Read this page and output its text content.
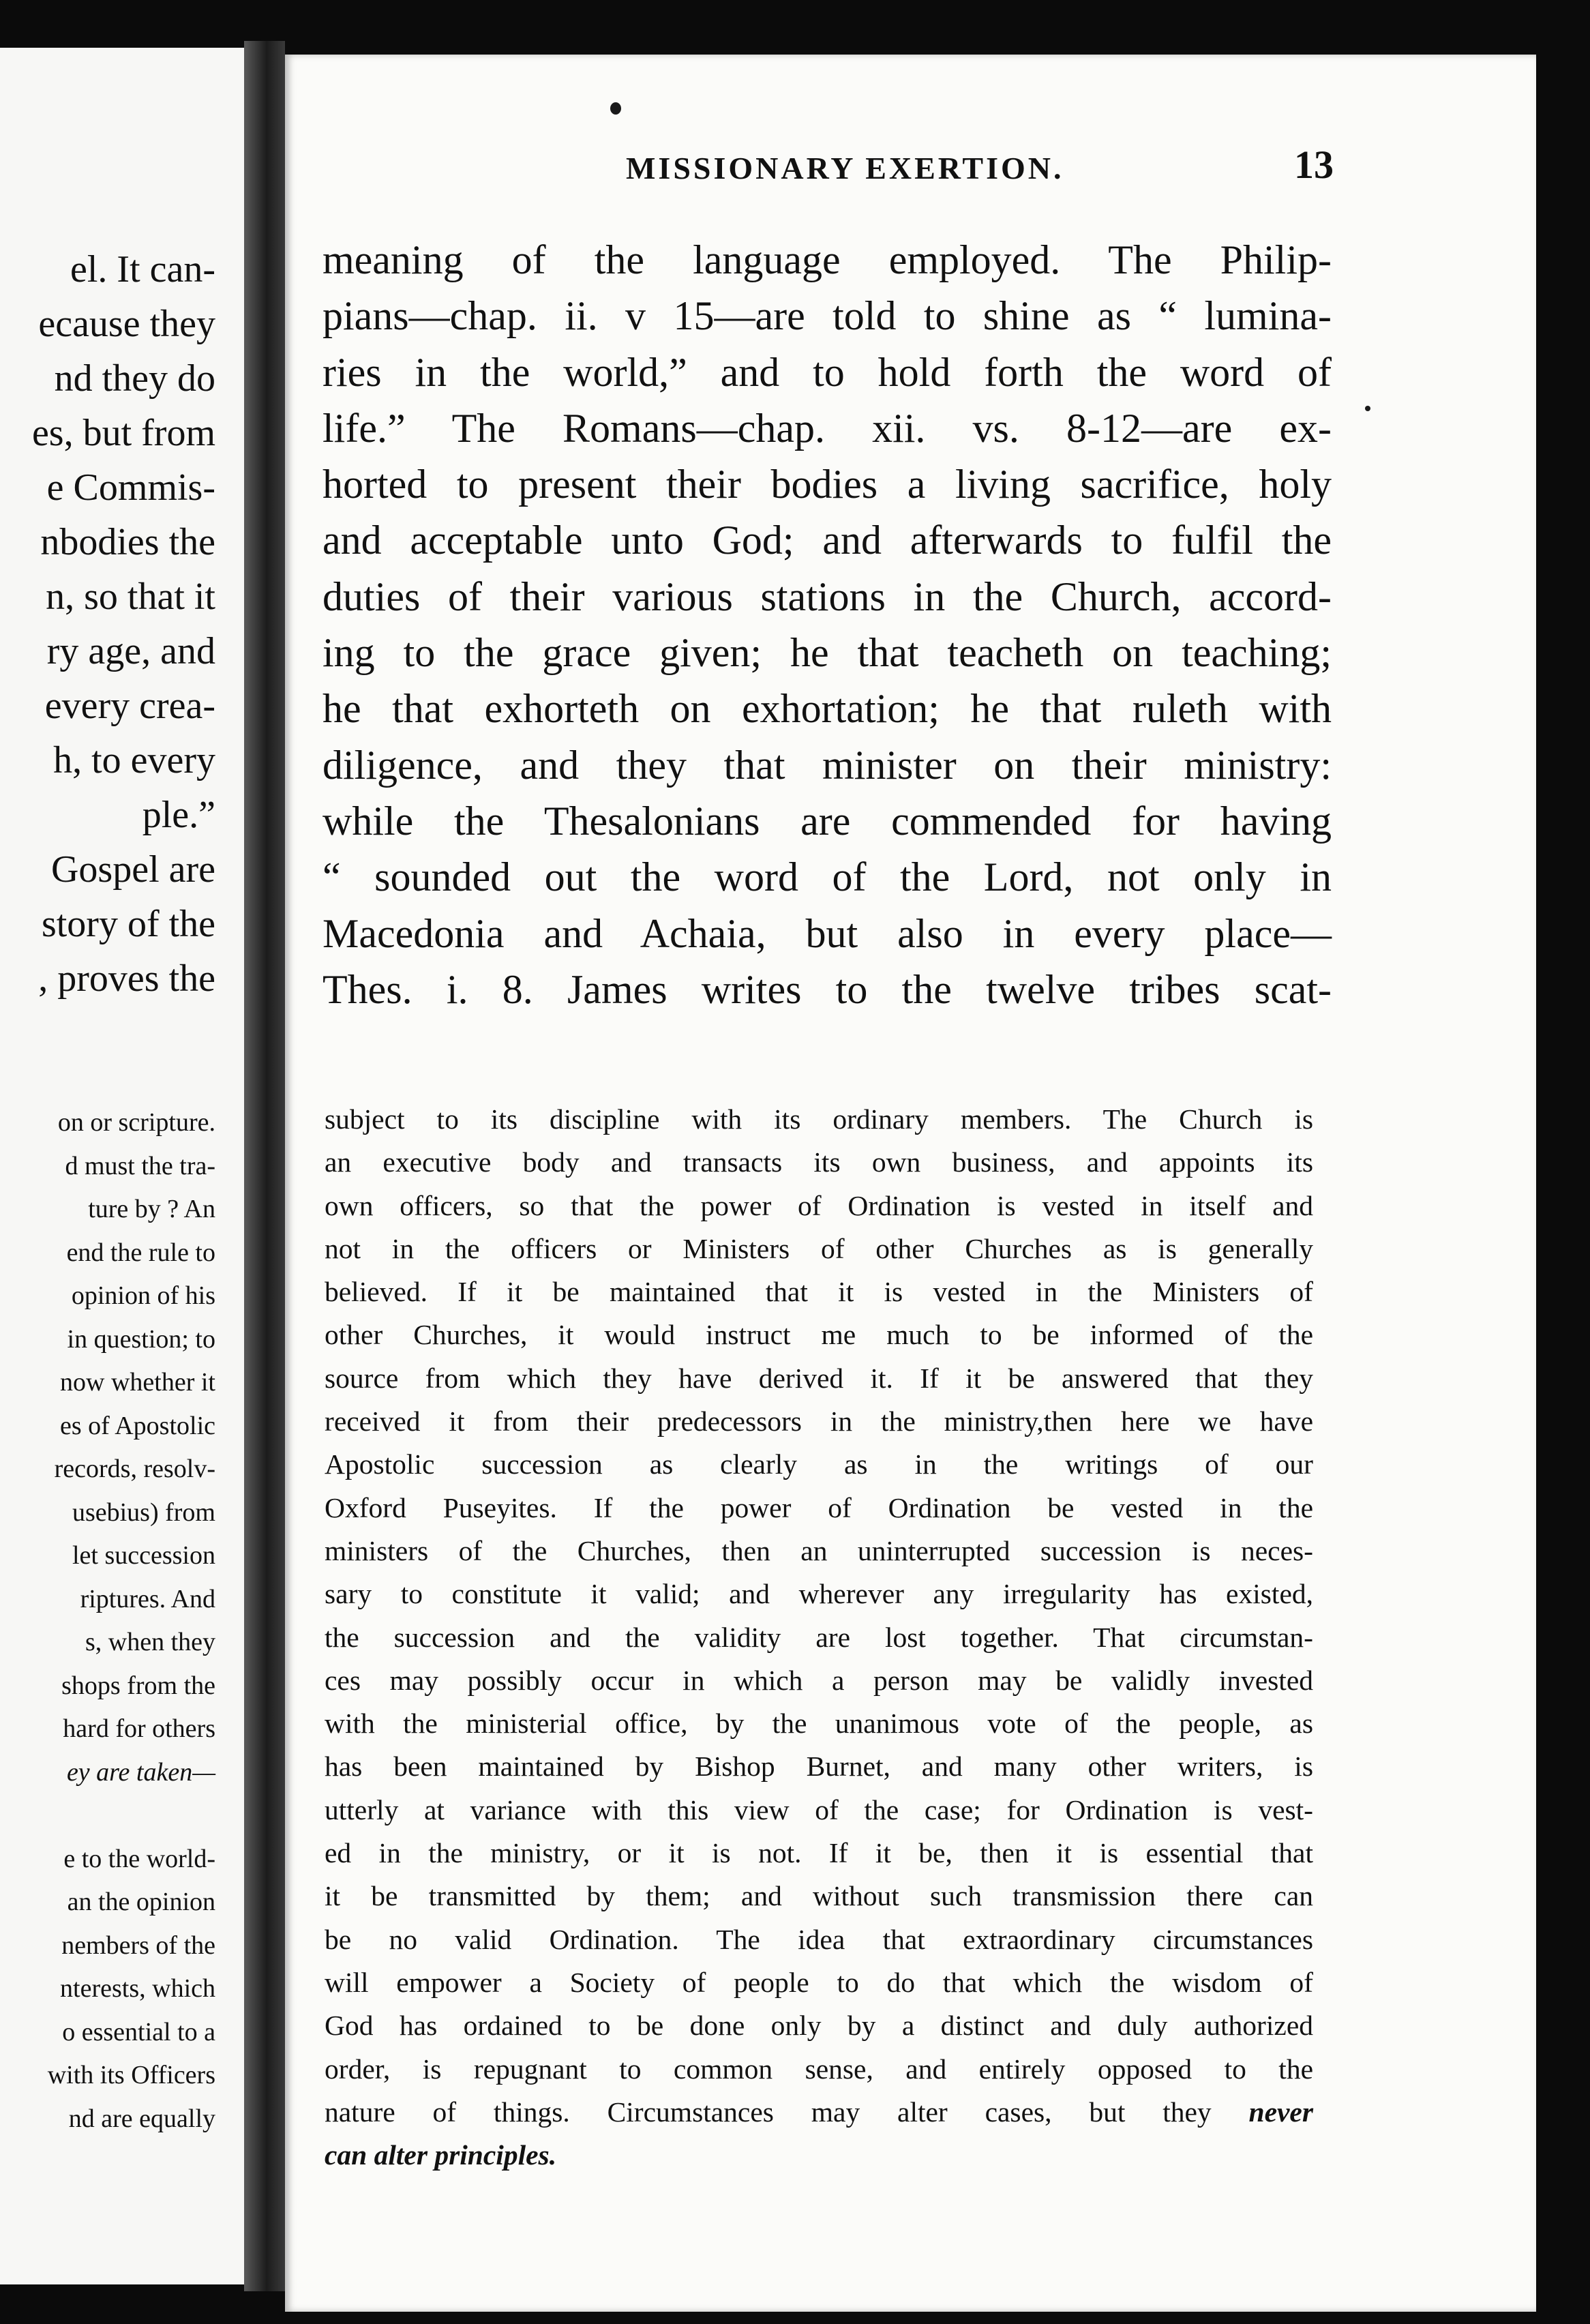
el. It can-
ecause they
nd they do
es, but from
e Commis-
nbodies the
n, so that it
ry age, and
every crea-
h, to every
ple.”
Gospel are
story of the
, proves the
on or scripture.
d must the tra-
ture by ? An
end the rule to
opinion of his
in question; to
now whether it
es of Apostolic
records, resolv-
usebius) from
let succession
riptures. And
s, when they
shops from the
hard for others
ey are taken—
e to the world-
an the opinion
nembers of the
nterests, which
o essential to a
with its Officers
nd are equally
MISSIONARY EXERTION.	13
meaning of the language employed. The Philip-
pians—chap. ii. v 15—are told to shine as “ lumina-
ries in the world,” and to hold forth the word of
life.” The Romans—chap. xii. vs. 8-12—are ex-
horted to present their bodies a living sacrifice, holy
and acceptable unto God; and afterwards to fulfil the
duties of their various stations in the Church, accord-
ing to the grace given; he that teacheth on teaching;
he that exhorteth on exhortation; he that ruleth with
diligence, and they that minister on their ministry:
while the Thesalonians are commended for having
“ sounded out the word of the Lord, not only in
Macedonia and Achaia, but also in every place—
Thes. i. 8. James writes to the twelve tribes scat-
subject to its discipline with its ordinary members. The Church is
an executive body and transacts its own business, and appoints its
own officers, so that the power of Ordination is vested in itself and
not in the officers or Ministers of other Churches as is generally
believed. If it be maintained that it is vested in the Ministers of
other Churches, it would instruct me much to be informed of the
source from which they have derived it. If it be answered that they
received it from their predecessors in the ministry,then here we have
Apostolic succession as clearly as in the writings of our
Oxford Puseyites. If the power of Ordination be vested in the
ministers of the Churches, then an uninterrupted succession is neces-
sary to constitute it valid; and wherever any irregularity has existed,
the succession and the validity are lost together. That circumstan-
ces may possibly occur in which a person may be validly invested
with the ministerial office, by the unanimous vote of the people, as
has been maintained by Bishop Burnet, and many other writers, is
utterly at variance with this view of the case; for Ordination is vest-
ed in the ministry, or it is not. If it be, then it is essential that
it be transmitted by them; and without such transmission there can
be no valid Ordination. The idea that extraordinary circumstances
will empower a Society of people to do that which the wisdom of
God has ordained to be done only by a distinct and duly authorized
order, is repugnant to common sense, and entirely opposed to the
nature of things. Circumstances may alter cases, but they never
can alter principles.
